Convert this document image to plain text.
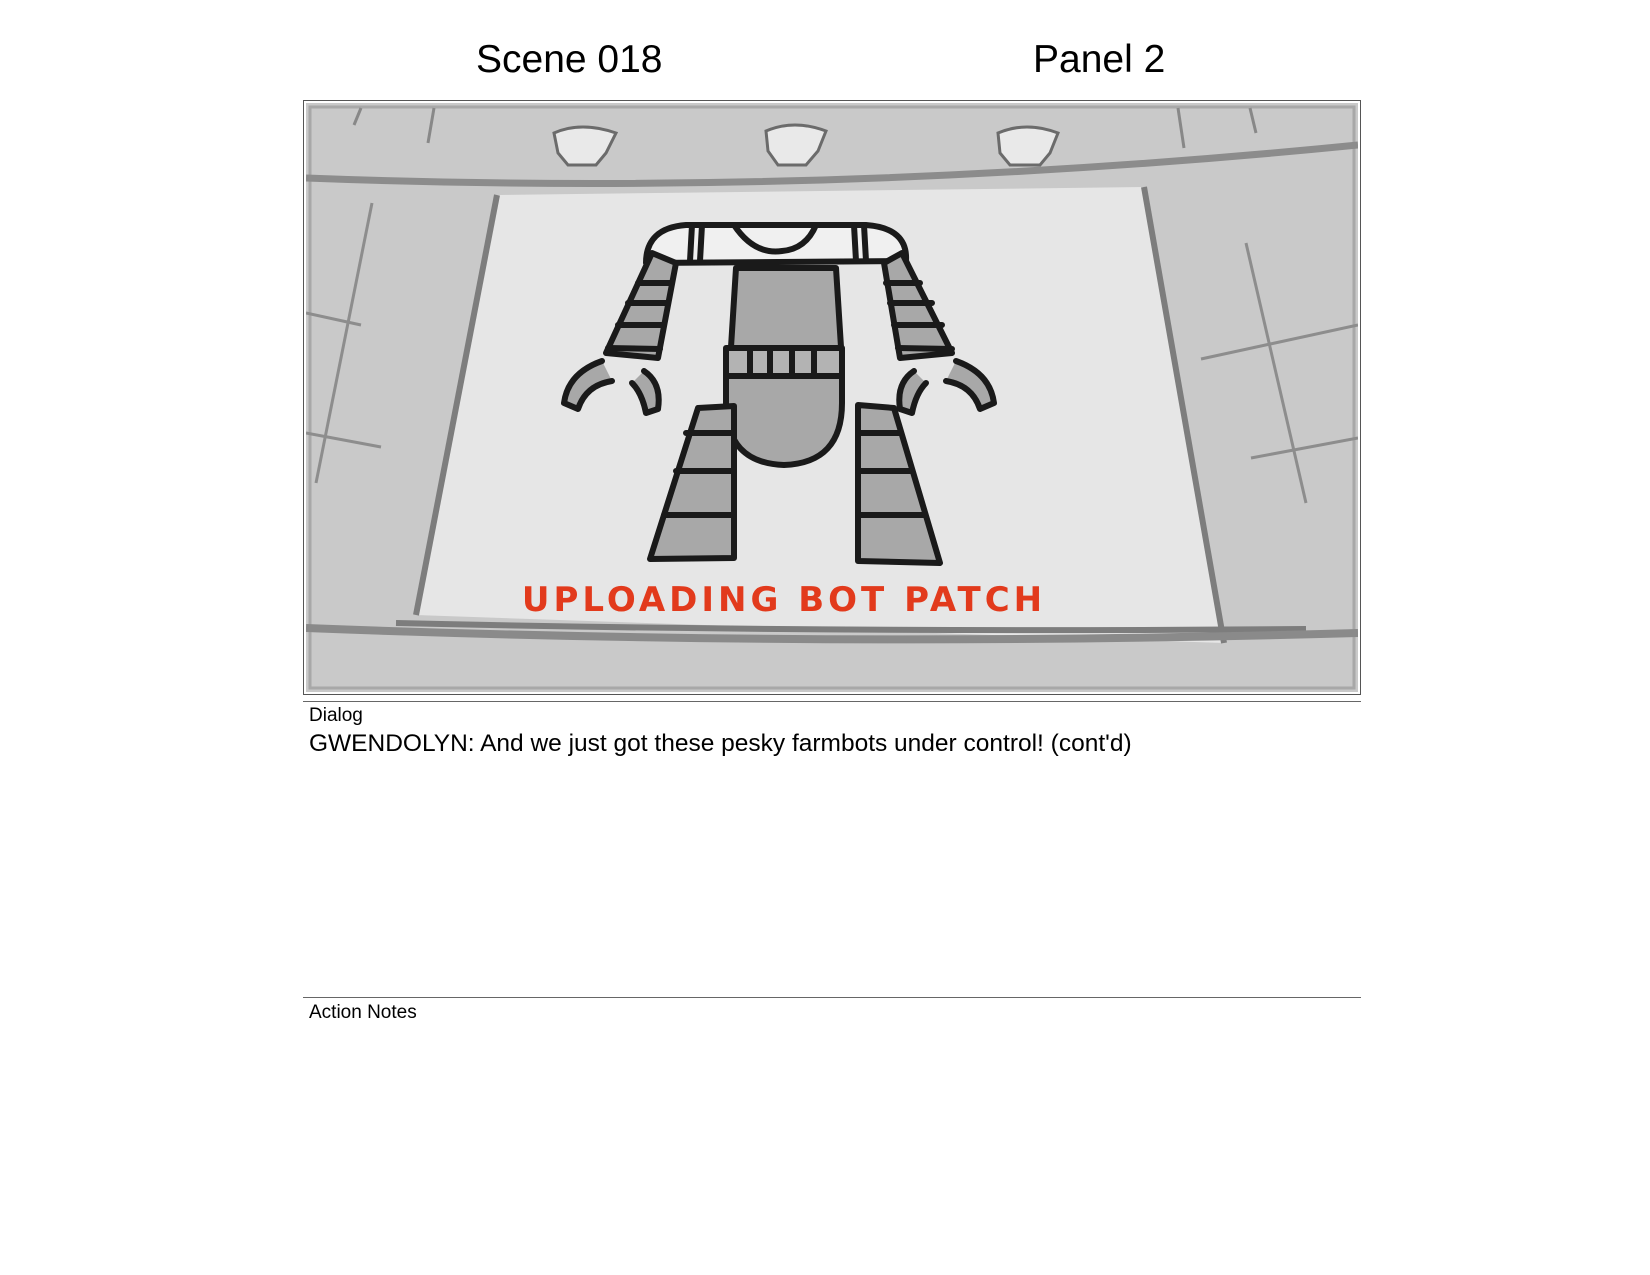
Scene 018	Panel 2
UPLOADING BOT PATCH
Dialog
GWENDOLYN: And we just got these pesky farmbots under control! (cont'd)
Action Notes
